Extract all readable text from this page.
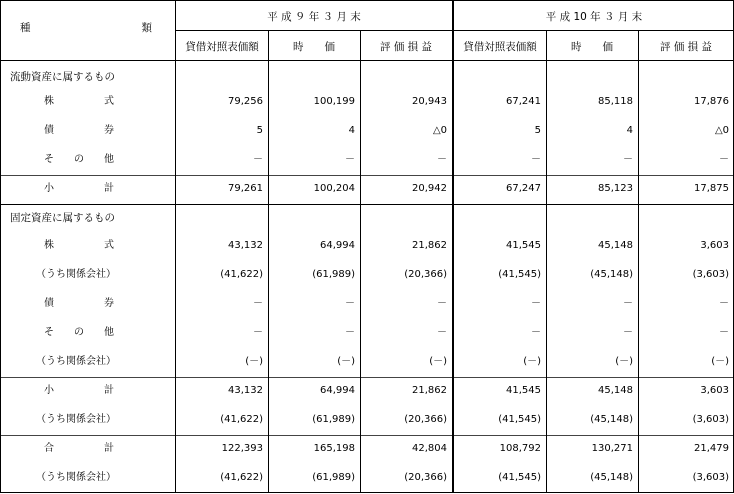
種	類
平 成 ９ 年 ３ 月 末	平 成 10 年 ３ 月 末
貸借対照表価額	時　　価	評 価 損 益	貸借対照表価額	時　　価	評 価 損 益
流動資産に属するもの
株　　　　　式	79,256	100,199	20,943	67,241	85,118	17,876
債　　　　　券	5	4	△0	5	4	△0
そ　　の　　他	－	－	－	－	－	－
小　　　　　計	79,261	100,204	20,942	67,247	85,123	17,875
固定資産に属するもの
株　　　　　式	43,132	64,994	21,862	41,545	45,148	3,603
（うち関係会社）	(41,622)	(61,989)	(20,366)	(41,545)	(45,148)	(3,603)
債　　　　　券	－	－	－	－	－	－
そ　　の　　他	－	－	－	－	－	－
（うち関係会社）	(－)	(－)	(－)	(－)	(－)	(－)
小　　　　　計	43,132	64,994	21,862	41,545	45,148	3,603
（うち関係会社）	(41,622)	(61,989)	(20,366)	(41,545)	(45,148)	(3,603)
合　　　　　計	122,393	165,198	42,804	108,792	130,271	21,479
（うち関係会社）	(41,622)	(61,989)	(20,366)	(41,545)	(45,148)	(3,603)
